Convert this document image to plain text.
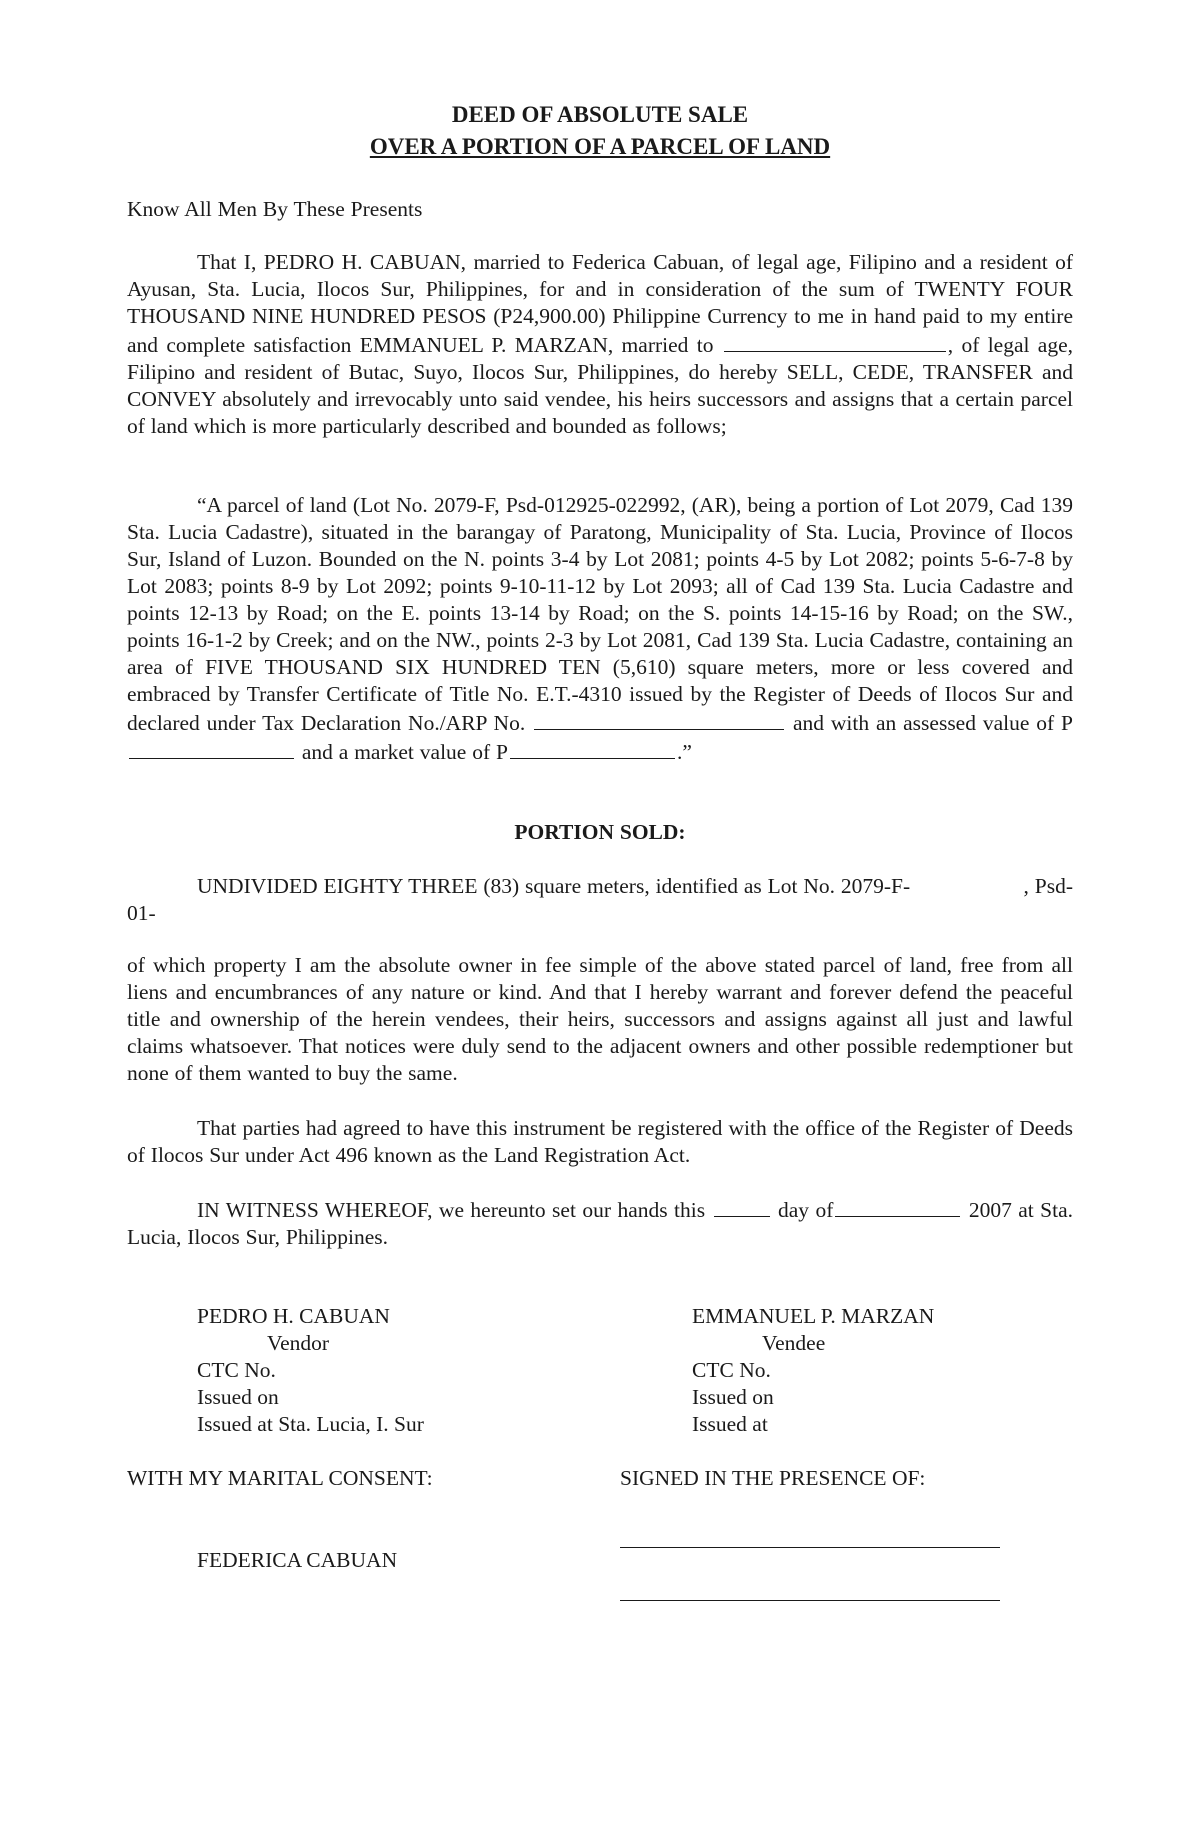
DEED OF ABSOLUTE SALE
OVER A PORTION OF A PARCEL OF LAND
Know All Men By These Presents
That I, PEDRO H. CABUAN, married to Federica Cabuan, of legal age, Filipino and a resident of Ayusan, Sta. Lucia, Ilocos Sur, Philippines, for and in consideration of the sum of TWENTY FOUR THOUSAND NINE HUNDRED PESOS (P24,900.00) Philippine Currency to me in hand paid to my entire and complete satisfaction EMMANUEL P. MARZAN, married to	, of legal age, Filipino and resident of Butac, Suyo, Ilocos Sur, Philippines, do hereby SELL, CEDE, TRANSFER and CONVEY absolutely and irrevocably unto said vendee, his heirs successors and assigns that a certain parcel of land which is more particularly described and bounded as follows;
“A parcel of land (Lot No. 2079-F, Psd-012925-022992, (AR), being a portion of Lot 2079, Cad 139 Sta. Lucia Cadastre), situated in the barangay of Paratong, Municipality of Sta. Lucia, Province of Ilocos Sur, Island of Luzon. Bounded on the N. points 3-4 by Lot 2081; points 4-5 by Lot 2082; points 5-6-7-8 by Lot 2083; points 8-9 by Lot 2092; points 9-10-11-12 by Lot 2093; all of Cad 139 Sta. Lucia Cadastre and points 12-13 by Road; on the E. points 13-14 by Road; on the S. points 14-15-16 by Road; on the SW., points 16-1-2 by Creek; and on the NW., points 2-3 by Lot 2081, Cad 139 Sta. Lucia Cadastre, containing an area of FIVE THOUSAND SIX HUNDRED TEN (5,610) square meters, more or less covered and embraced by Transfer Certificate of Title No. E.T.-4310 issued by the Register of Deeds of Ilocos Sur and declared under Tax Declaration No./ARP No.	and with an assessed value of P and a market value of P	.”
PORTION SOLD:
UNDIVIDED EIGHTY THREE (83) square meters, identified as Lot No. 2079-F-	, Psd-
01-
of which property I am the absolute owner in fee simple of the above stated parcel of land, free from all liens and encumbrances of any nature or kind. And that I hereby warrant and forever defend the peaceful title and ownership of the herein vendees, their heirs, successors and assigns against all just and lawful claims whatsoever. That notices were duly send to the adjacent owners and other possible redemptioner but none of them wanted to buy the same.
That parties had agreed to have this instrument be registered with the office of the Register of Deeds of Ilocos Sur under Act 496 known as the Land Registration Act.
IN WITNESS WHEREOF, we hereunto set our hands this	day of	2007 at Sta. Lucia, Ilocos Sur, Philippines.
PEDRO H. CABUAN
Vendor
CTC No.
Issued on
Issued at Sta. Lucia, I. Sur
EMMANUEL P. MARZAN
Vendee
CTC No.
Issued on
Issued at
WITH MY MARITAL CONSENT:	SIGNED IN THE PRESENCE OF:
FEDERICA CABUAN
